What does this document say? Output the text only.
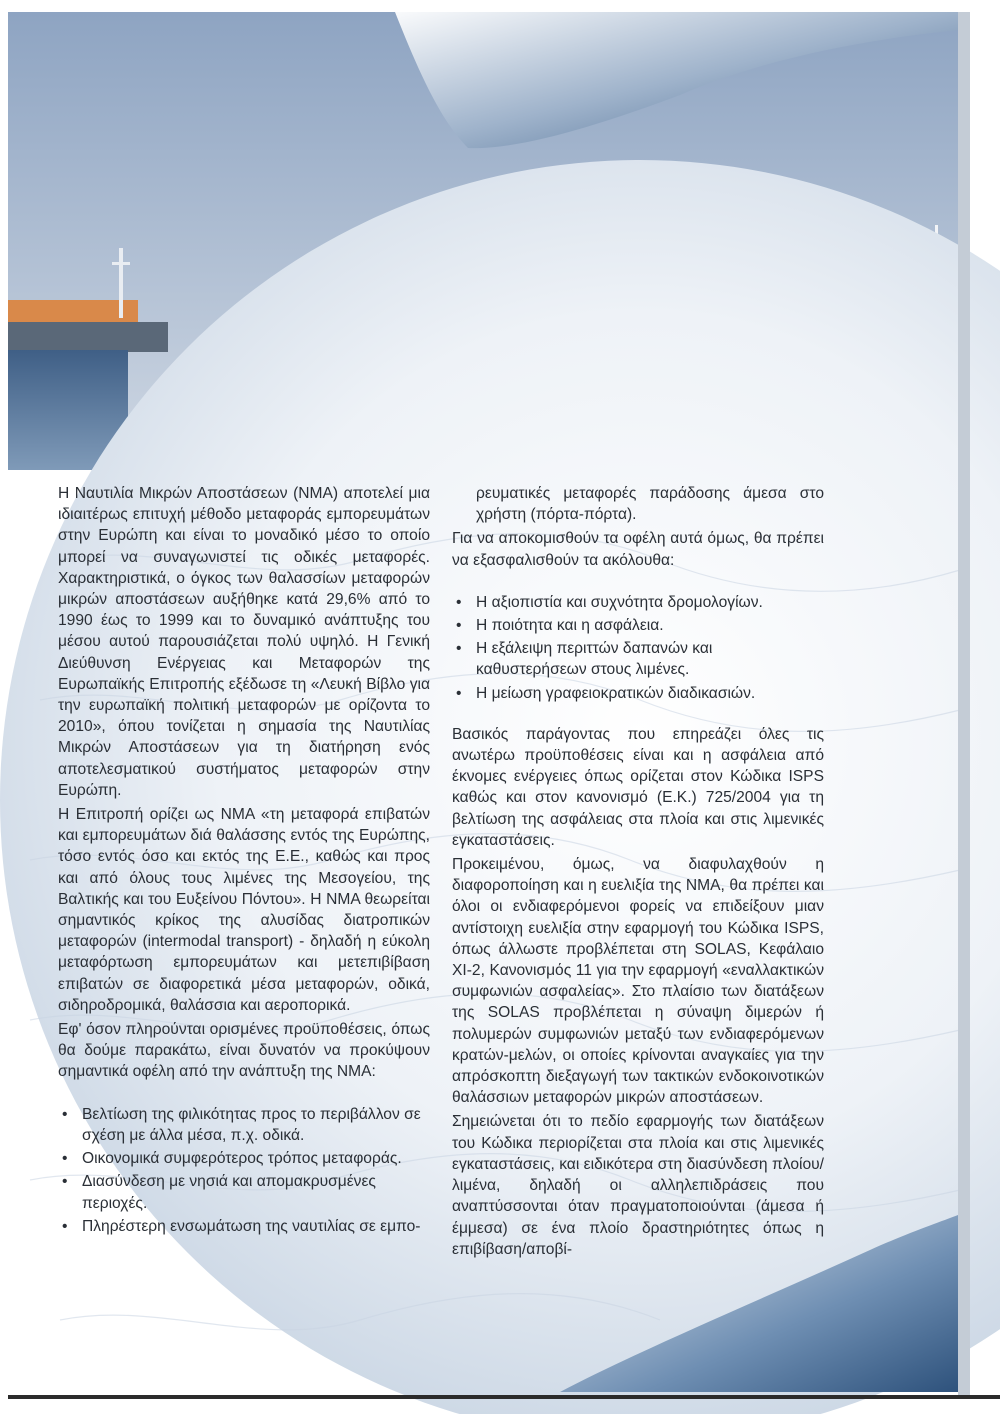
Η Ναυτιλία Μικρών Αποστάσεων (ΝΜΑ) αποτελεί μια ιδιαιτέρως επιτυχή μέθοδο μεταφοράς εμπορευμάτων στην Ευρώπη και είναι το μοναδικό μέσο το οποίο μπορεί να συναγωνιστεί τις οδικές μεταφορές. Χαρακτηριστικά, ο όγκος των θαλασσίων μεταφορών μικρών αποστάσεων αυξήθηκε κατά 29,6% από το 1990 έως το 1999 και το δυναμικό ανάπτυξης του μέσου αυτού παρουσιάζεται πολύ υψηλό. Η Γενική Διεύθυνση Ενέργειας και Μεταφορών της Ευρωπαϊκής Επιτροπής εξέδωσε τη «Λευκή Βίβλο για την ευρωπαϊκή πολιτική μεταφορών με ορίζοντα το 2010», όπου τονίζεται η σημασία της Ναυτιλίας Μικρών Αποστάσεων για τη διατήρηση ενός αποτελεσματικού συστήματος μεταφορών στην Ευρώπη.

Η Επιτροπή ορίζει ως ΝΜΑ «τη μεταφορά επιβατών και εμπορευμάτων διά θαλάσσης εντός της Ευρώπης, τόσο εντός όσο και εκτός της Ε.Ε., καθώς και προς και από όλους τους λιμένες της Μεσογείου, της Βαλτικής και του Ευξείνου Πόντου». Η ΝΜΑ θεωρείται σημαντικός κρίκος της αλυσίδας διατροπικών μεταφορών (intermodal transport) - δηλαδή η εύκολη μεταφόρτωση εμπορευμάτων και μετεπιβίβαση επιβατών σε διαφορετικά μέσα μεταφορών, οδικά, σιδηροδρομικά, θαλάσσια και αεροπορικά.

Εφ' όσον πληρούνται ορισμένες προϋποθέσεις, όπως θα δούμε παρακάτω, είναι δυνατόν να προκύψουν σημαντικά οφέλη από την ανάπτυξη της ΝΜΑ:

• Βελτίωση της φιλικότητας προς το περιβάλλον σε σχέση με άλλα μέσα, π.χ. οδικά.
• Οικονομικά συμφερότερος τρόπος μεταφοράς.
• Διασύνδεση με νησιά και απομακρυσμένες περιοχές.
• Πληρέστερη ενσωμάτωση της ναυτιλίας σε εμπο-

ρευματικές μεταφορές παράδοσης άμεσα στο χρήστη (πόρτα-πόρτα).

Για να αποκομισθούν τα οφέλη αυτά όμως, θα πρέπει να εξασφαλισθούν τα ακόλουθα:

• Η αξιοπιστία και συχνότητα δρομολογίων.
• Η ποιότητα και η ασφάλεια.
• Η εξάλειψη περιττών δαπανών και καθυστερήσεων στους λιμένες.
• Η μείωση γραφειοκρατικών διαδικασιών.

Βασικός παράγοντας που επηρεάζει όλες τις ανωτέρω προϋποθέσεις είναι και η ασφάλεια από έκνομες ενέργειες όπως ορίζεται στον Κώδικα ISPS καθώς και στον κανονισμό (Ε.Κ.) 725/2004 για τη βελτίωση της ασφάλειας στα πλοία και στις λιμενικές εγκαταστάσεις.

Προκειμένου, όμως, να διαφυλαχθούν η διαφοροποίηση και η ευελιξία της ΝΜΑ, θα πρέπει και όλοι οι ενδιαφερόμενοι φορείς να επιδείξουν μιαν αντίστοιχη ευελιξία στην εφαρμογή του Κώδικα ISPS, όπως άλλωστε προβλέπεται στη SOLAS, Κεφάλαιο XI-2, Κανονισμός 11 για την εφαρμογή «εναλλακτικών συμφωνιών ασφαλείας». Στο πλαίσιο των διατάξεων της SOLAS προβλέπεται η σύναψη διμερών ή πολυμερών συμφωνιών μεταξύ των ενδιαφερόμενων κρατών-μελών, οι οποίες κρίνονται αναγκαίες για την απρόσκοπτη διεξαγωγή των τακτικών ενδοκοινοτικών θαλάσσιων μεταφορών μικρών αποστάσεων.

Σημειώνεται ότι το πεδίο εφαρμογής των διατάξεων του Κώδικα περιορίζεται στα πλοία και στις λιμενικές εγκαταστάσεις, και ειδικότερα στη διασύνδεση πλοίου/λιμένα, δηλαδή οι αλληλεπιδράσεις που αναπτύσσονται όταν πραγματοποιούνται (άμεσα ή έμμεσα) σε ένα πλοίο δραστηριότητες όπως η επιβίβαση/αποβί-
